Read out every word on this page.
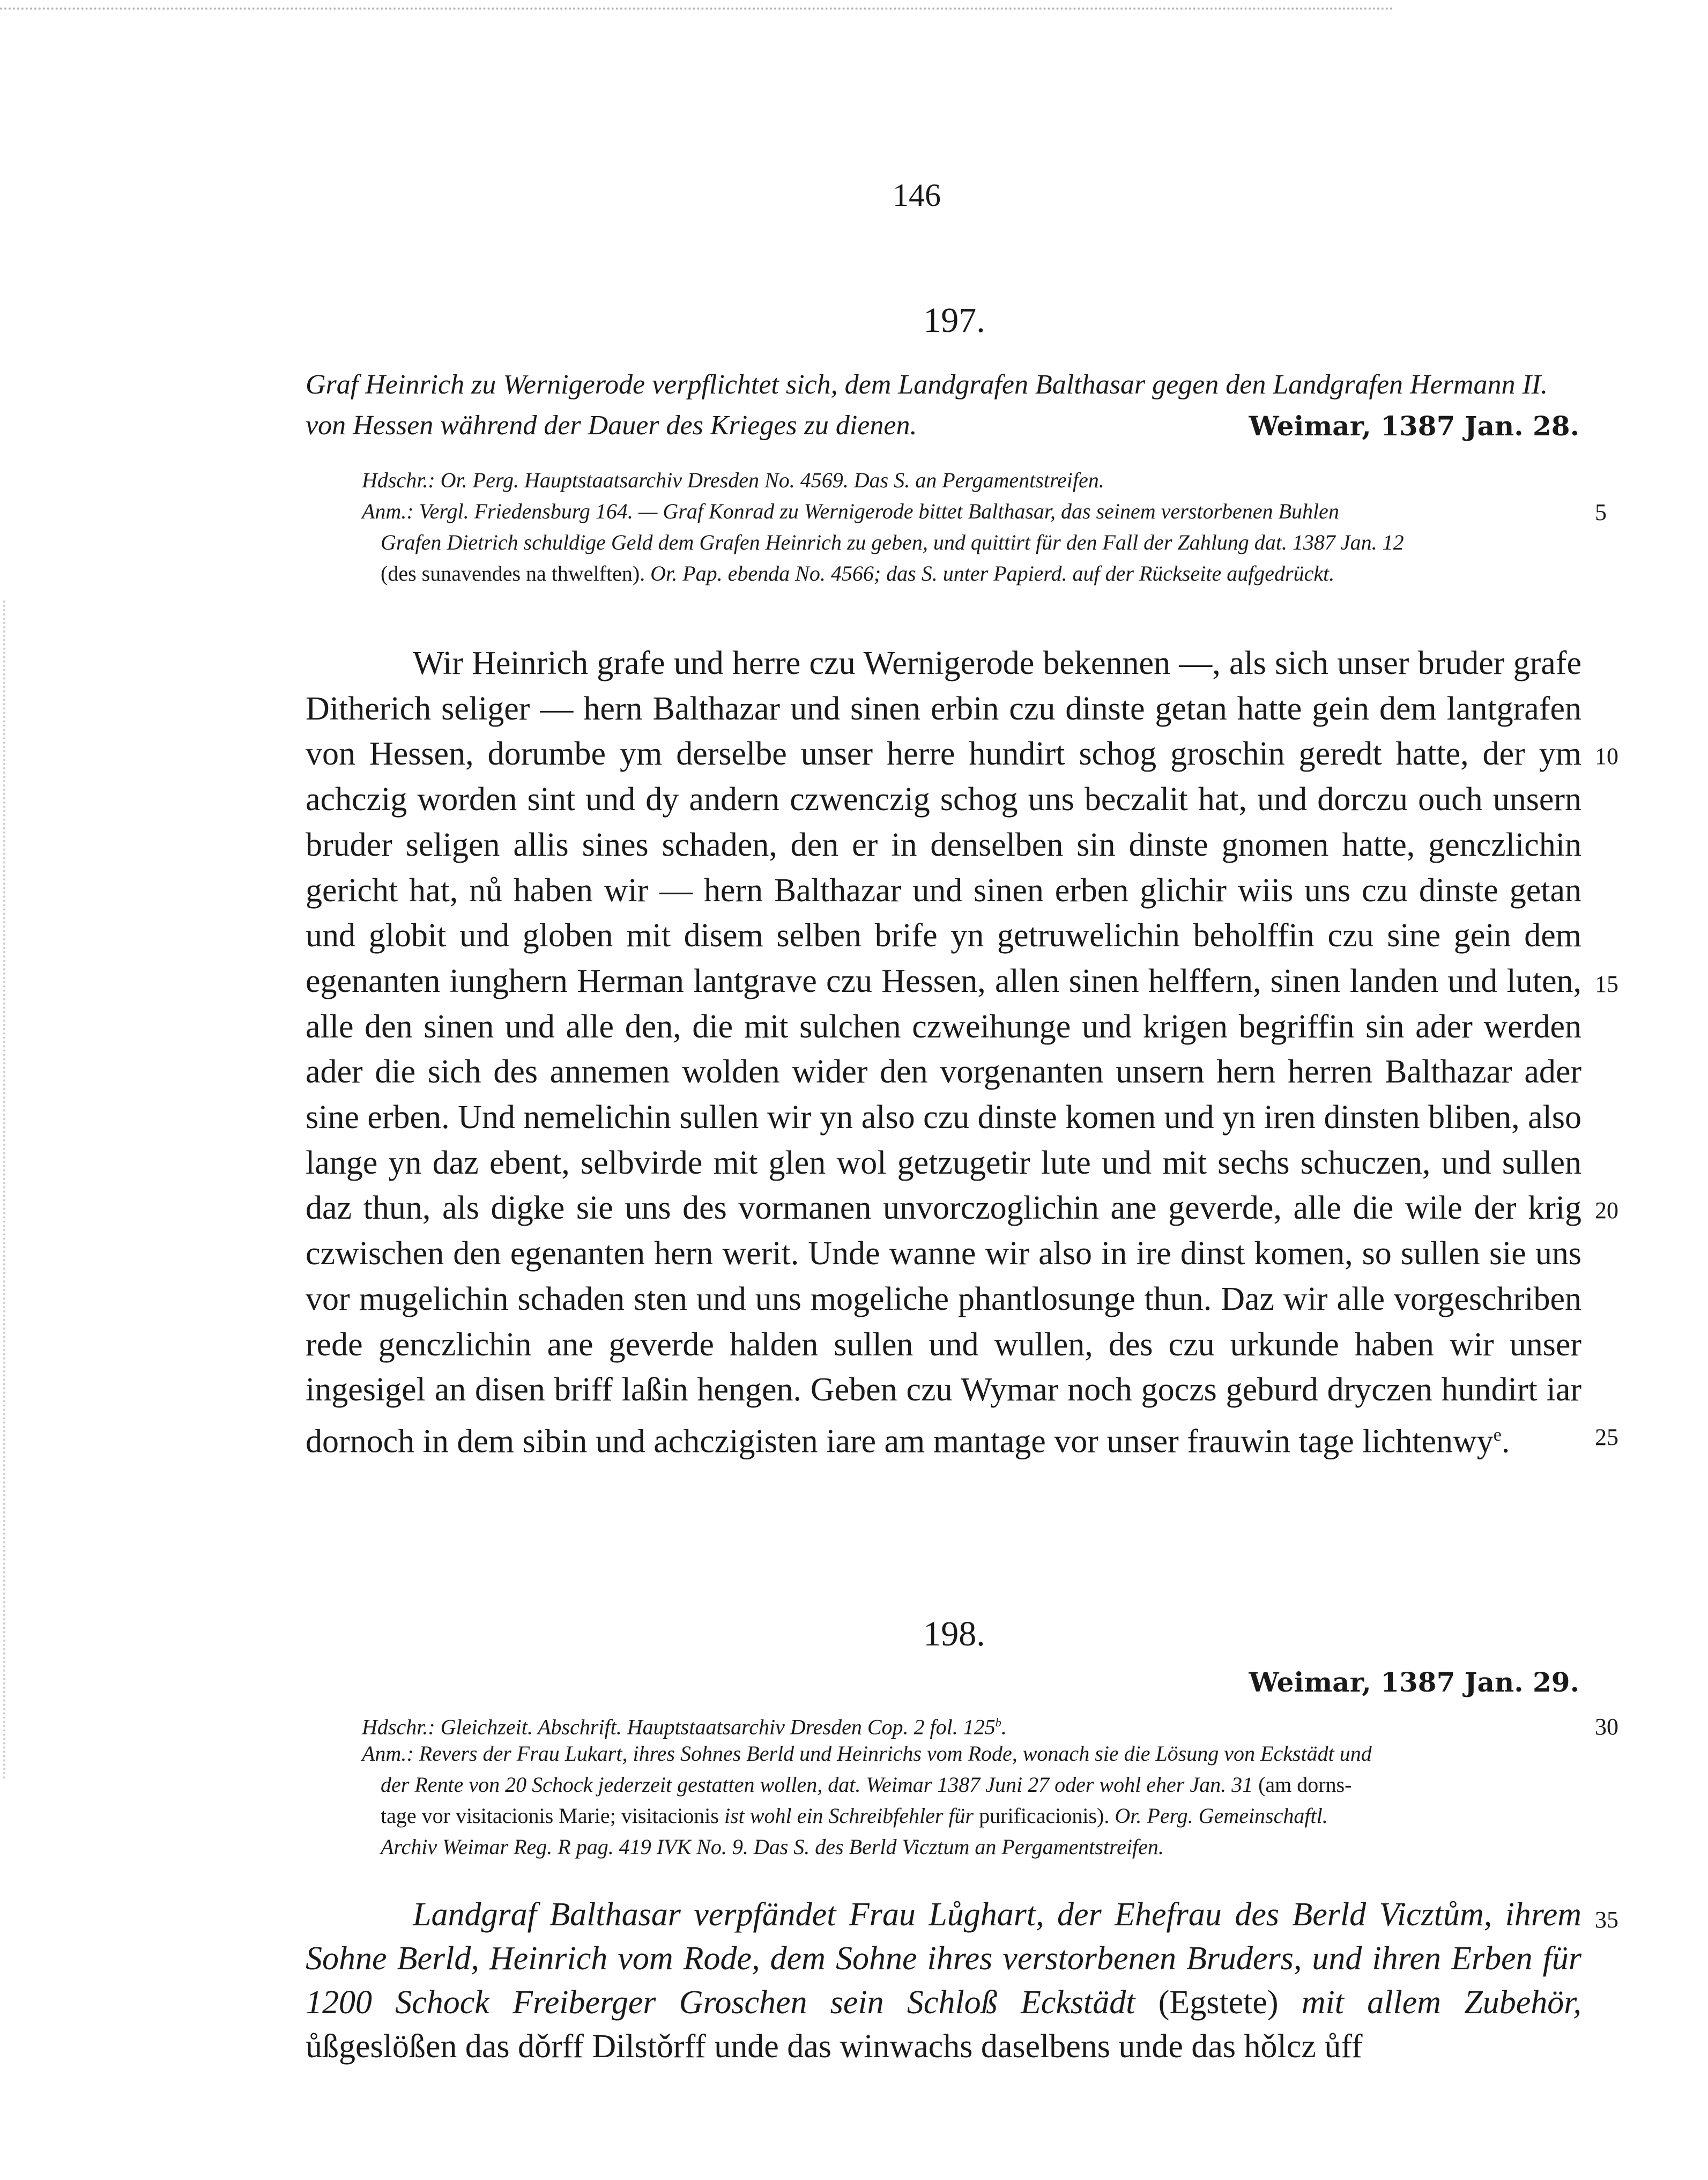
146
197.
Graf Heinrich zu Wernigerode verpflichtet sich, dem Landgrafen Balthasar gegen den Landgrafen Hermann II. von Hessen während der Dauer des Krieges zu dienen.	Weimar, 1387 Jan. 28.
Hdschr.: Or. Perg. Hauptstaatsarchiv Dresden No. 4569. Das S. an Pergamentstreifen.
Anm.: Vergl. Friedensburg 164. — Graf Konrad zu Wernigerode bittet Balthasar, das seinem verstorbenen Buhlen
Grafen Dietrich schuldige Geld dem Grafen Heinrich zu geben, und quittirt für den Fall der Zahlung dat. 1387 Jan. 12
(des sunavendes na thwelften). Or. Pap. ebenda No. 4566; das S. unter Papierd. auf der Rückseite aufgedrückt.

Wir Heinrich grafe und herre czu Wernigerode bekennen —, als sich unser bruder grafe Ditherich seliger — hern Balthazar und sinen erbin czu dinste getan hatte gein dem lantgrafen von Hessen, dorumbe ym derselbe unser herre hundirt schog groschin geredt hatte, der ym achczig worden sint und dy andern czwenczig schog uns beczalit hat, und dorczu ouch unsern bruder seligen allis sines schaden, den er in denselben sin dinste gnomen hatte, genczlichin gericht hat, nů haben wir — hern Balthazar und sinen erben glichir wiis uns czu dinste getan und globit und globen mit disem selben brife yn getruwelichin beholffin czu sine gein dem egenanten iunghern Herman lantgrave czu Hessen, allen sinen helffern, sinen landen und luten, alle den sinen und alle den, die mit sulchen czweihunge und krigen begriffin sin ader werden ader die sich des annemen wolden wider den vorgenanten unsern hern herren Balthazar ader sine erben. Und nemelichin sullen wir yn also czu dinste komen und yn iren dinsten bliben, also lange yn daz ebent, selbvirde mit glen wol getzugetir lute und mit sechs schuczen, und sullen daz thun, als digke sie uns des vormanen unvorczoglichin ane geverde, alle die wile der krig czwischen den egenanten hern werit. Unde wanne wir also in ire dinst komen, so sullen sie uns vor mugelichin schaden sten und uns mogeliche phantlosunge thun. Daz wir alle vorgeschriben rede genczlichin ane geverde halden sullen und wullen, des czu urkunde haben wir unser ingesigel an disen briff laßin hengen. Geben czu Wymar noch goczs geburd dryczen hundirt iar dornoch in dem sibin und achczigisten iare am mantage vor unser frauwin tage lichtenwy$^e$.

198.
Weimar, 1387 Jan. 29.
Hdschr.: Gleichzeit. Abschrift. Hauptstaatsarchiv Dresden Cop. 2 fol. 125$^b$.
Anm.: Revers der Frau Lukart, ihres Sohnes Berld und Heinrichs vom Rode, wonach sie die Lösung von Eckstädt und
der Rente von 20 Schock jederzeit gestatten wollen, dat. Weimar 1387 Juni 27 oder wohl eher Jan. 31 (am dorns-
tage vor visitacionis Marie; visitacionis ist wohl ein Schreibfehler für purificacionis). Or. Perg. Gemeinschaftl.
Archiv Weimar Reg. R pag. 419 IVK No. 9. Das S. des Berld Vicztum an Pergamentstreifen.

Landgraf Balthasar verpfändet Frau Lůghart, der Ehefrau des Berld Vicztům, ihrem Sohne Berld, Heinrich vom Rode, dem Sohne ihres verstorbenen Bruders, und ihren Erben für 1200 Schock Freiberger Groschen sein Schloß Eckstädt (Egstete) mit allem Zubehör, ůßgeslößen das dǒrff Dilstǒrff unde das winwachs daselbens unde das hǒlcz ůff

5
10
15
20
25
30
35
